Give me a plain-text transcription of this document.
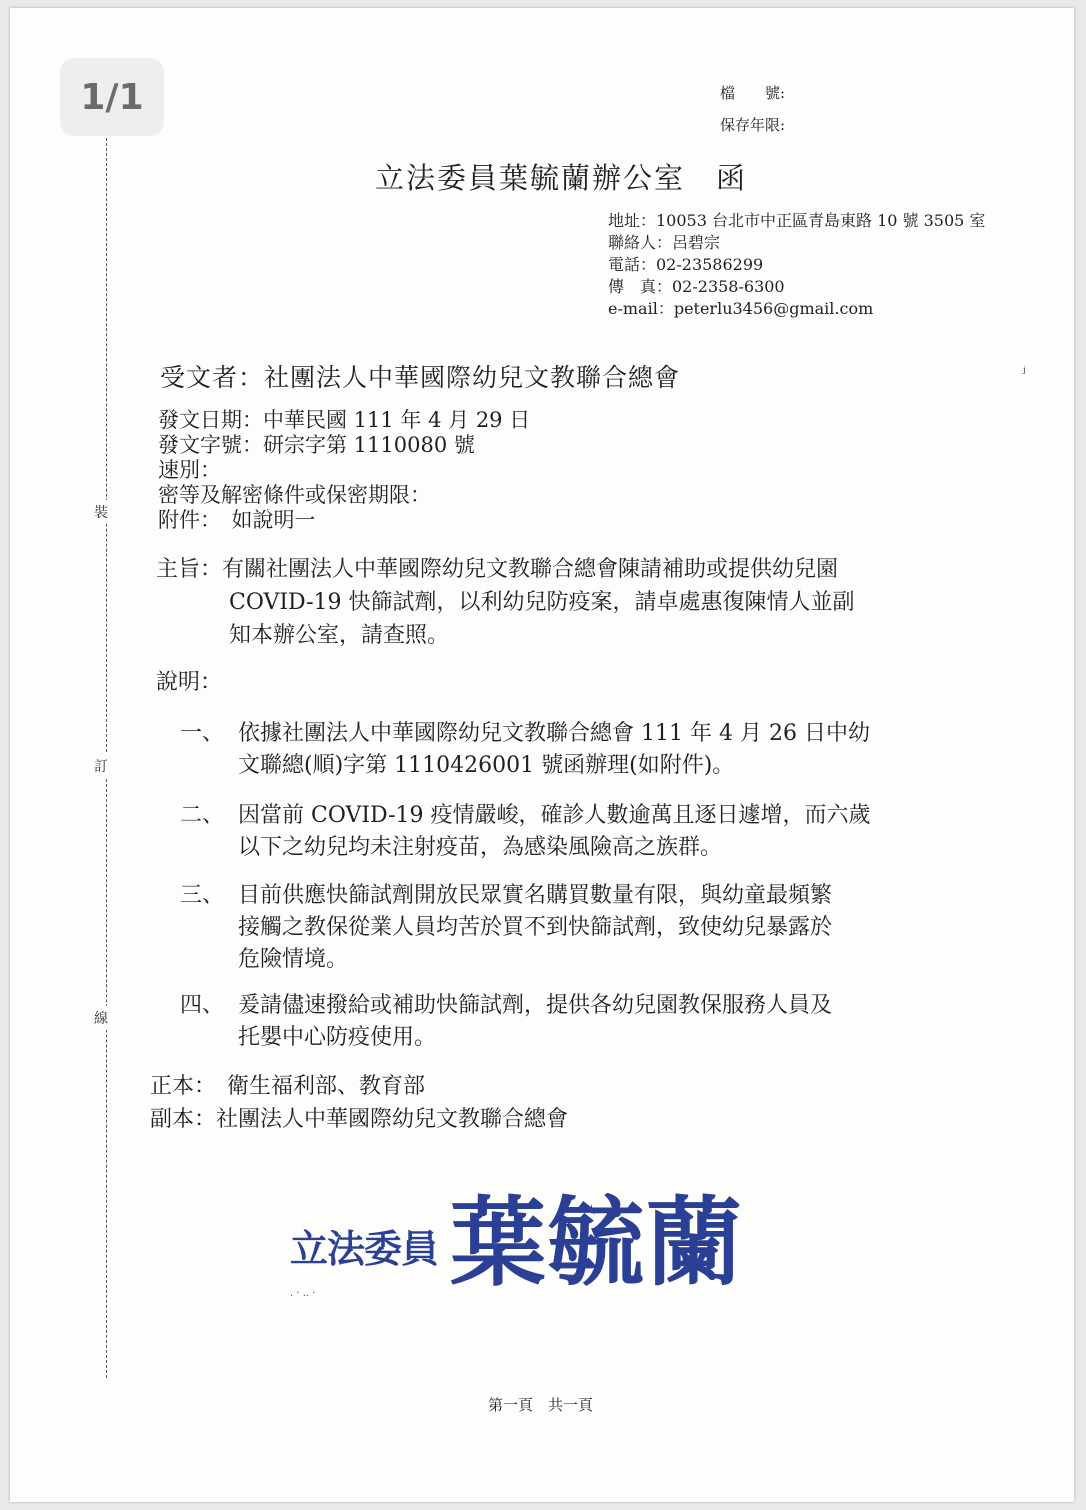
1/1
裝
訂
線
檔　　號:
保存年限:
立法委員葉毓蘭辦公室　函
地址：10053 台北市中正區青島東路 10 號 3505 室
聯絡人：呂碧宗
電話：02-23586299
傳　真：02-2358-6300
e-mail：peterlu3456@gmail.com
ʲ
受文者：社團法人中華國際幼兒文教聯合總會
發文日期：中華民國 111 年 4 月 29 日
發文字號：研宗字第 1110080 號
速別：
密等及解密條件或保密期限：
附件：　如說明一
主旨：有關社團法人中華國際幼兒文教聯合總會陳請補助或提供幼兒園
COVID-19 快篩試劑，以利幼兒防疫案，請卓處惠復陳情人並副
知本辦公室，請查照。
說明：
一、 依據社團法人中華國際幼兒文教聯合總會 111 年 4 月 26 日中幼
文聯總(順)字第 1110426001 號函辦理(如附件)。
二、 因當前 COVID-19 疫情嚴峻，確診人數逾萬且逐日遽增，而六歲
以下之幼兒均未注射疫苗，為感染風險高之族群。
三、 目前供應快篩試劑開放民眾實名購買數量有限，與幼童最頻繁
接觸之教保從業人員均苦於買不到快篩試劑，致使幼兒暴露於
危險情境。
四、 爰請儘速撥給或補助快篩試劑，提供各幼兒園教保服務人員及
托嬰中心防疫使用。
正本：　衛生福利部、教育部
副本：社團法人中華國際幼兒文教聯合總會
立法委員 葉毓蘭
. · .. ·
第一頁　共一頁
